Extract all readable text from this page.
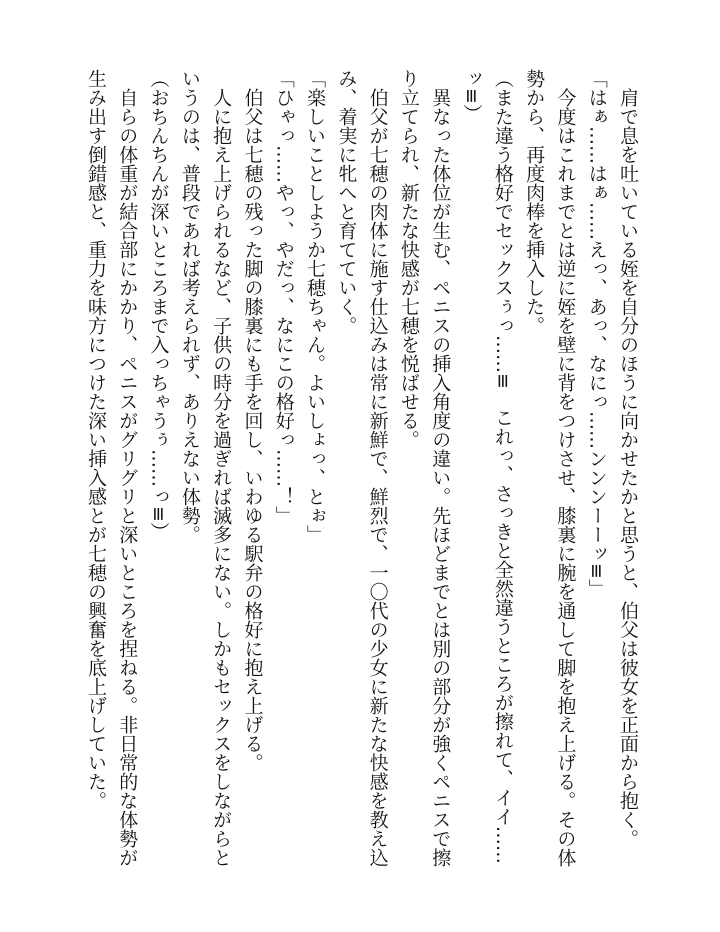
肩で息を吐いている姪を自分のほうに向かせたかと思うと、伯父は彼女を正面から抱く。

「はぁ……はぁ……えっ、あっ、なにっ……ンンンーーッ≡」

今度はこれまでとは逆に姪を壁に背をつけさせ、膝裏に腕を通して脚を抱え上げる。その体勢から、再度肉棒を挿入した。

（また違う格好でセックスぅっ……≡　これっ、さっきと全然違うところが擦れて、イイ……ッ≡）

異なった体位が生む、ペニスの挿入角度の違い。先ほどまでとは別の部分が強くペニスで擦り立てられ、新たな快感が七穂を悦ばせる。

伯父が七穂の肉体に施す仕込みは常に新鮮で、鮮烈で、一〇代の少女に新たな快感を教え込み、着実に牝へと育てていく。

「楽しいことしようか七穂ちゃん。よいしょっ、とぉ」

「ひゃっ……やっ、やだっ、なにこの格好っ……！」

伯父は七穂の残った脚の膝裏にも手を回し、いわゆる駅弁の格好に抱え上げる。

人に抱え上げられるなど、子供の時分を過ぎれば滅多にない。しかもセックスをしながらというのは、普段であれば考えられず、ありえない体勢。

（おちんちんが深いところまで入っちゃうぅ……っ≡）

自らの体重が結合部にかかり、ペニスがグリグリと深いところを捏ねる。非日常的な体勢が生み出す倒錯感と、重力を味方につけた深い挿入感とが七穂の興奮を底上げしていた。
